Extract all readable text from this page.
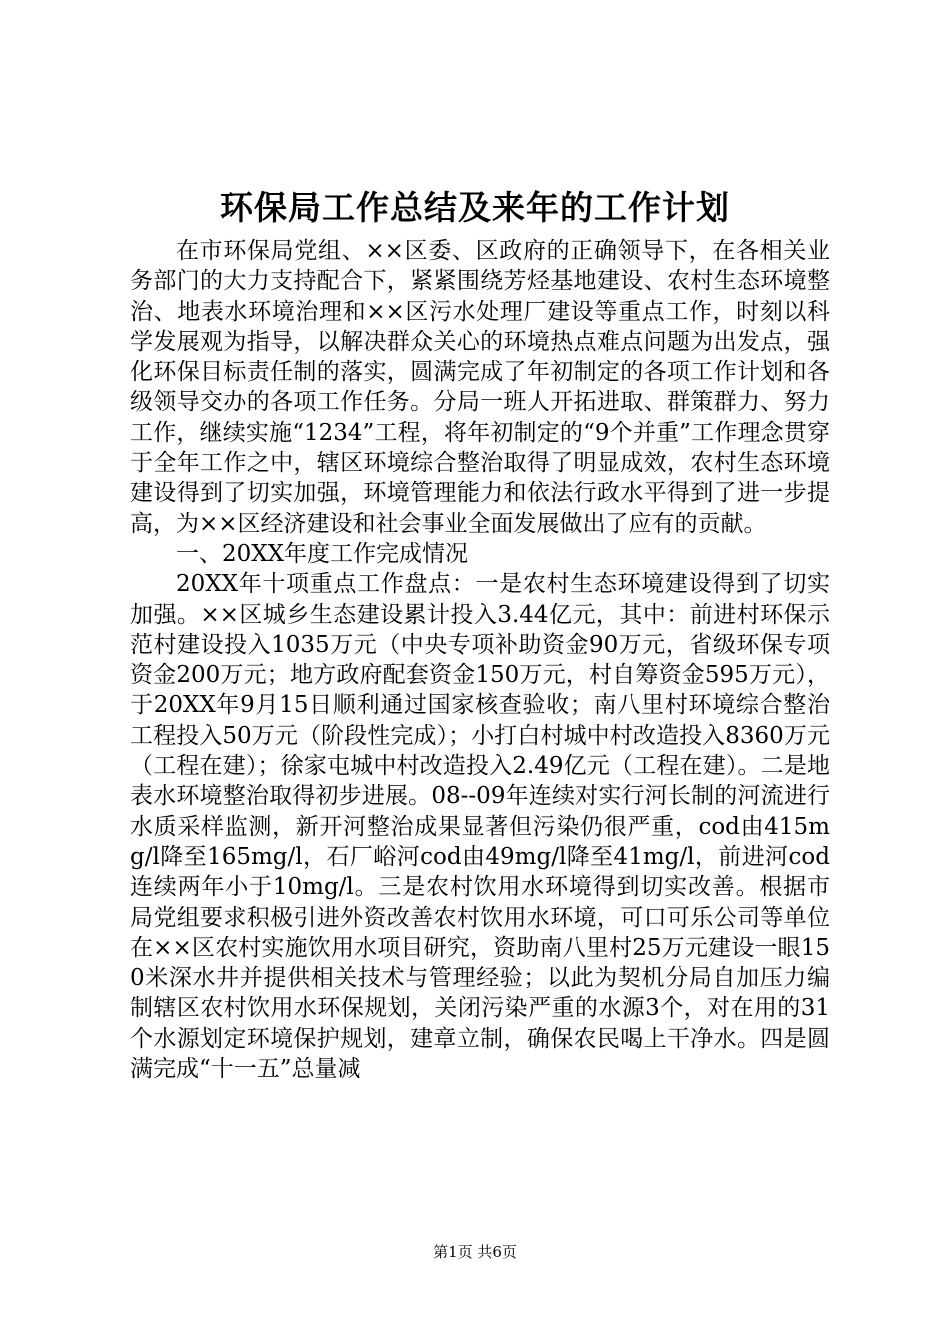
环保局工作总结及来年的工作计划

在市环保局党组、××区委、区政府的正确领导下，在各相关业务部门的大力支持配合下，紧紧围绕芳烃基地建设、农村生态环境整治、地表水环境治理和××区污水处理厂建设等重点工作，时刻以科学发展观为指导，以解决群众关心的环境热点难点问题为出发点，强化环保目标责任制的落实，圆满完成了年初制定的各项工作计划和各级领导交办的各项工作任务。分局一班人开拓进取、群策群力、努力工作，继续实施“1234”工程，将年初制定的“9个并重”工作理念贯穿于全年工作之中，辖区环境综合整治取得了明显成效，农村生态环境建设得到了切实加强，环境管理能力和依法行政水平得到了进一步提高，为××区经济建设和社会事业全面发展做出了应有的贡献。

一、20XX年度工作完成情况

20XX年十项重点工作盘点：一是农村生态环境建设得到了切实加强。××区城乡生态建设累计投入3.44亿元，其中：前进村环保示范村建设投入1035万元（中央专项补助资金90万元，省级环保专项资金200万元；地方政府配套资金150万元，村自筹资金595万元），于20XX年9月15日顺利通过国家核查验收；南八里村环境综合整治工程投入50万元（阶段性完成）；小打白村城中村改造投入8360万元（工程在建）；徐家屯城中村改造投入2.49亿元（工程在建）。二是地表水环境整治取得初步进展。08--09年连续对实行河长制的河流进行水质采样监测，新开河整治成果显著但污染仍很严重，cod由415mg/l降至165mg/l，石厂峪河cod由49mg/l降至41mg/l，前进河cod连续两年小于10mg/l。三是农村饮用水环境得到切实改善。根据市局党组要求积极引进外资改善农村饮用水环境，可口可乐公司等单位在××区农村实施饮用水项目研究，资助南八里村25万元建设一眼150米深水井并提供相关技术与管理经验；以此为契机分局自加压力编制辖区农村饮用水环保规划，关闭污染严重的水源3个，对在用的31个水源划定环境保护规划，建章立制，确保农民喝上干净水。四是圆满完成“十一五”总量减

第1页 共6页
